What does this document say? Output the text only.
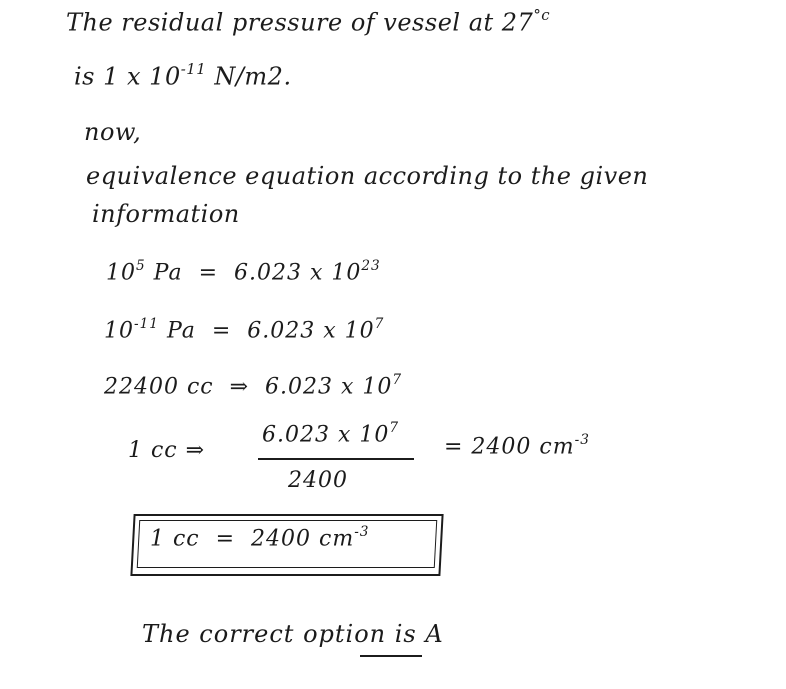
The residual pressure of vessel at $27^{^\circ c}$
is 1 x $10^{-11}$ N/m2.
now,
equivalence equation according to the given
information
$10^5$ Pa  =  6.023 x $10^{23}$
$10^{-11}$ Pa  =  6.023 x $10^7$
22400 cc  ⇒  6.023 x $10^7$
1 cc ⇒
6.023 x $10^7$
2400
= 2400 $cm^{-3}$
1 cc  =  2400 $cm^{-3}$
The correct option is A
